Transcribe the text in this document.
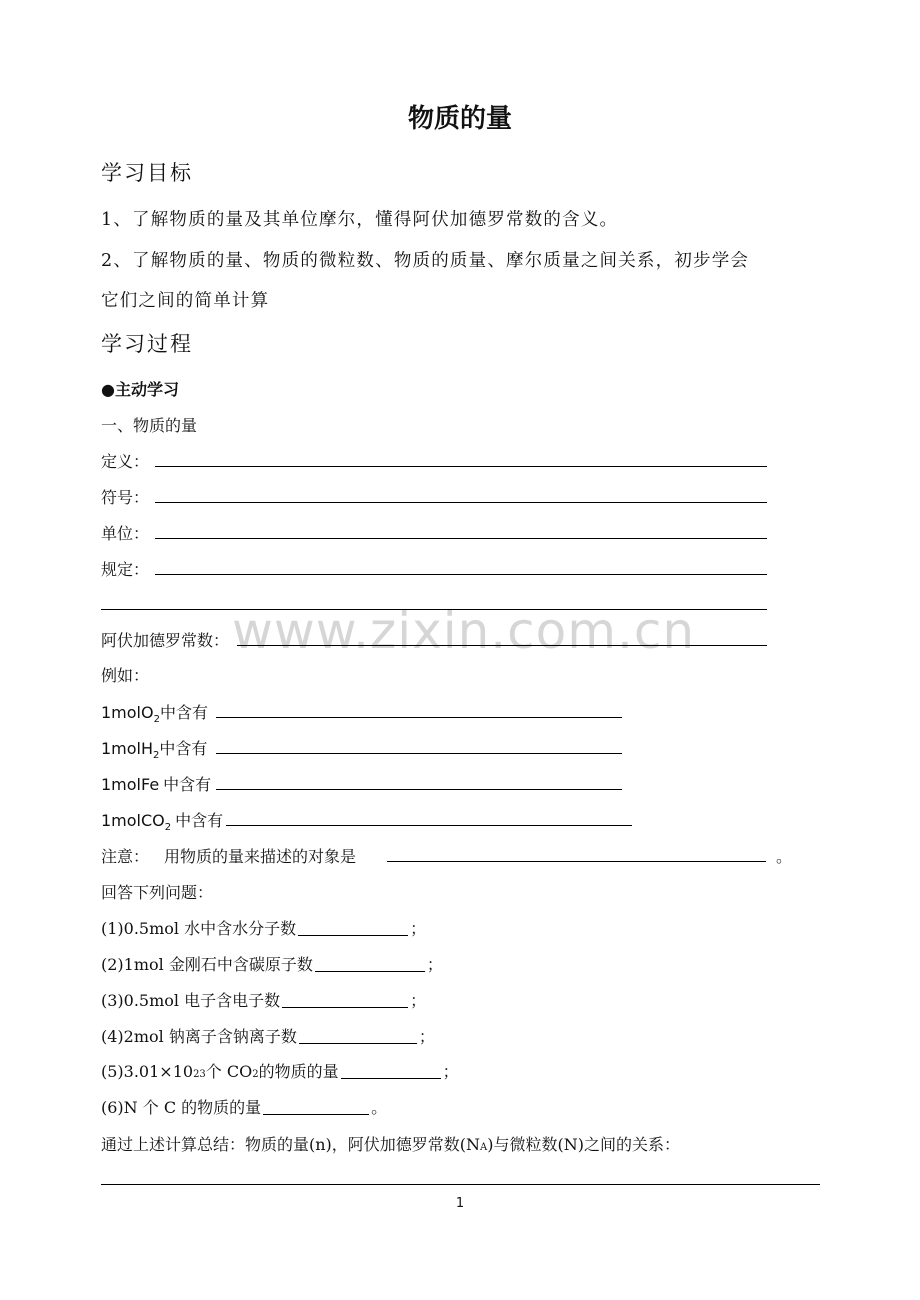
物质的量
学习目标
1、了解物质的量及其单位摩尔，懂得阿伏加德罗常数的含义。
2、了解物质的量、物质的微粒数、物质的质量、摩尔质量之间关系，初步学会
它们之间的简单计算
学习过程
●主动学习
一、物质的量
定义：
符号：
单位：
规定：
www.zixin.com.cn
阿伏加德罗常数：
例如：
1molO$_2$ 中含有
1molH$_2$ 中含有
1molFe 中含有
1molCO$_2$ 中含有
注意： 用物质的量来描述的对象是	。
回答下列问题：
(1)0.5mol 水中含水分子数	；
(2)1mol 金刚石中含碳原子数	；
(3)0.5mol 电子含电子数	；
(4)2mol 钠离子含钠离子数	；
(5)3.01×10 23 个 $CO_2$ 的物质的量	；
(6)N 个 C 的物质的量	。
通过上述计算总结：物质的量(n)，阿伏加德罗常数($N_A$ )与微粒数(N)之间的关系：
1
